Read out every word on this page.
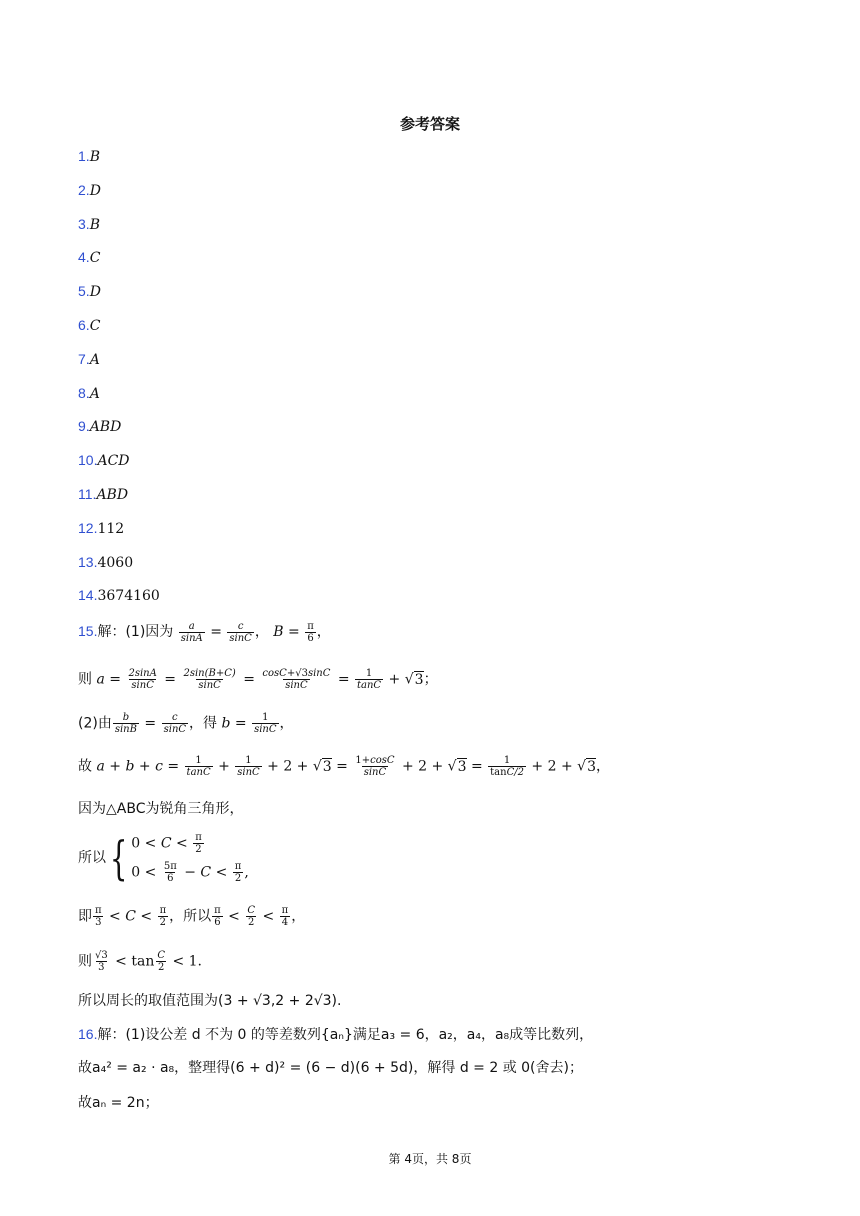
参考答案
1.B
2.D
3.B
4.C
5.D
6.C
7.A
8.A
9.ABD
10.ACD
11.ABD
12.112
13.4060
14.3674160
15.解：(1)因为 $\frac{a}{\sin A} = \frac{c}{\sin C}$ ， $B = \frac{\pi}{6}$ ，
则 $a = \frac{2\sin A}{\sin C} = \frac{2\sin(B+C)}{\sin C} = \frac{\cos C+√3\sin C}{\sin C} = \frac{1}{\tan C} + √3$；
(2)由 $\frac{b}{\sin B} = \frac{c}{\sin C}$ ，得 $b = \frac{1}{\sin C}$ ，
故 $a + b + c = \frac{1}{\tan C} + \frac{1}{\sin C} + 2 + √3 = \frac{1+\cos C}{\sin C} + 2 + √3 = \frac{1}{\tan C/2} + 2 + √3$，
因为△ABC为锐角三角形，
所以{ $0 < C < \frac{\pi}{2}$
$0 < \frac{5\pi}{6} - C < \frac{\pi}{2}$ ,
即 $\frac{\pi}{3} < C < \frac{\pi}{2}$ ，所以 $\frac{\pi}{6} < \frac{C}{2} < \frac{\pi}{4}$ ，
则 $\frac{√3}{3} < \tan \frac{C}{2} < 1$.
所以周长的取值范围为(3 + √3,2 + 2√3).
16.解：(1)设公差 d 不为 0 的等差数列{aₙ}满足a₃ = 6，a₂，a₄，a₈成等比数列，
故a₄² = a₂ · a₈，整理得(6 + d)² = (6 − d)(6 + 5d)，解得 d = 2 或 0(舍去)；
故aₙ = 2n；
第 4页，共 8页
